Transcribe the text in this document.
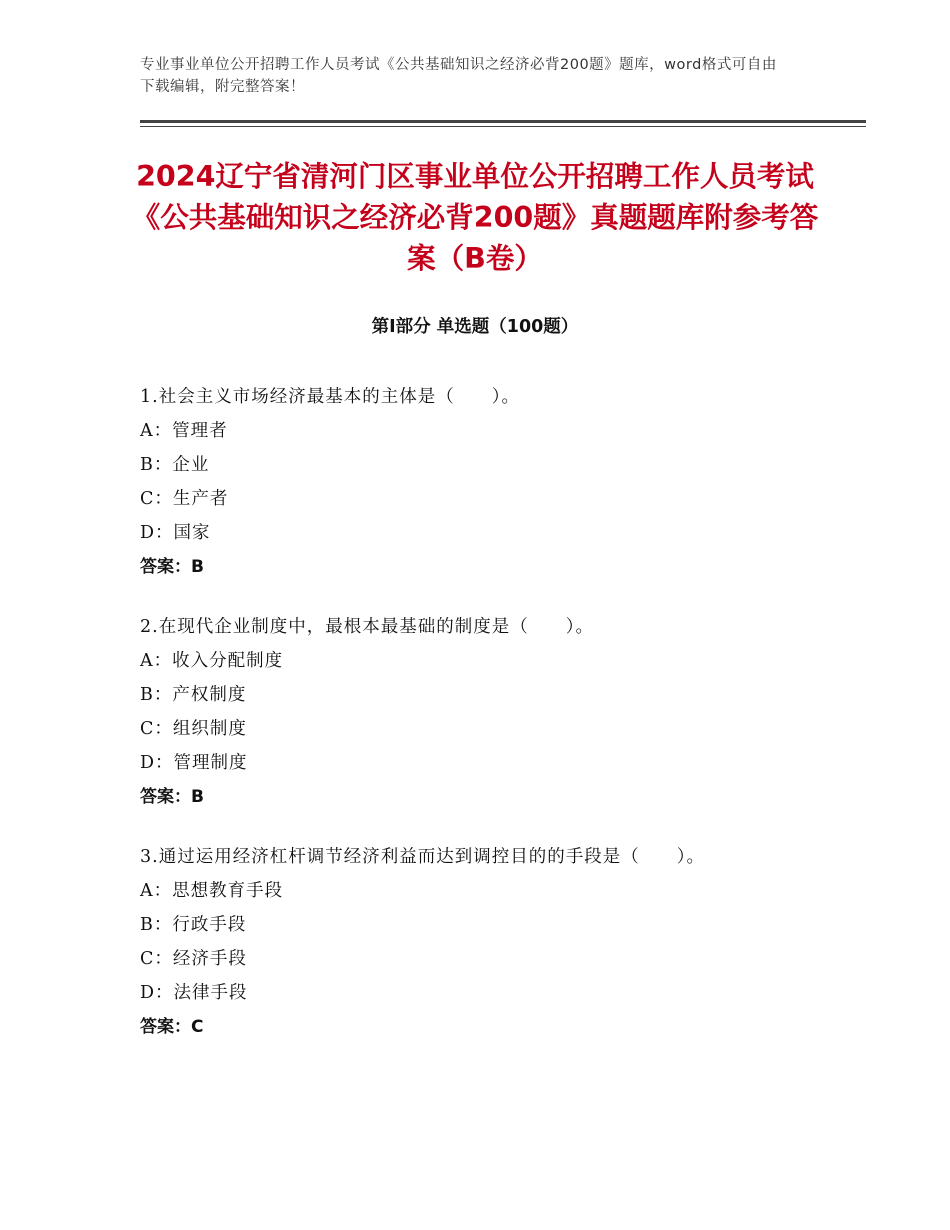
专业事业单位公开招聘工作人员考试《公共基础知识之经济必背200题》题库，word格式可自由下载编辑，附完整答案！
2024辽宁省清河门区事业单位公开招聘工作人员考试《公共基础知识之经济必背200题》真题题库附参考答案（B卷）
第Ⅰ部分 单选题（100题）
1.社会主义市场经济最基本的主体是（　　）。
A：管理者
B：企业
C：生产者
D：国家
答案：B
2.在现代企业制度中，最根本最基础的制度是（　　）。
A：收入分配制度
B：产权制度
C：组织制度
D：管理制度
答案：B
3.通过运用经济杠杆调节经济利益而达到调控目的的手段是（　　）。
A：思想教育手段
B：行政手段
C：经济手段
D：法律手段
答案：C
